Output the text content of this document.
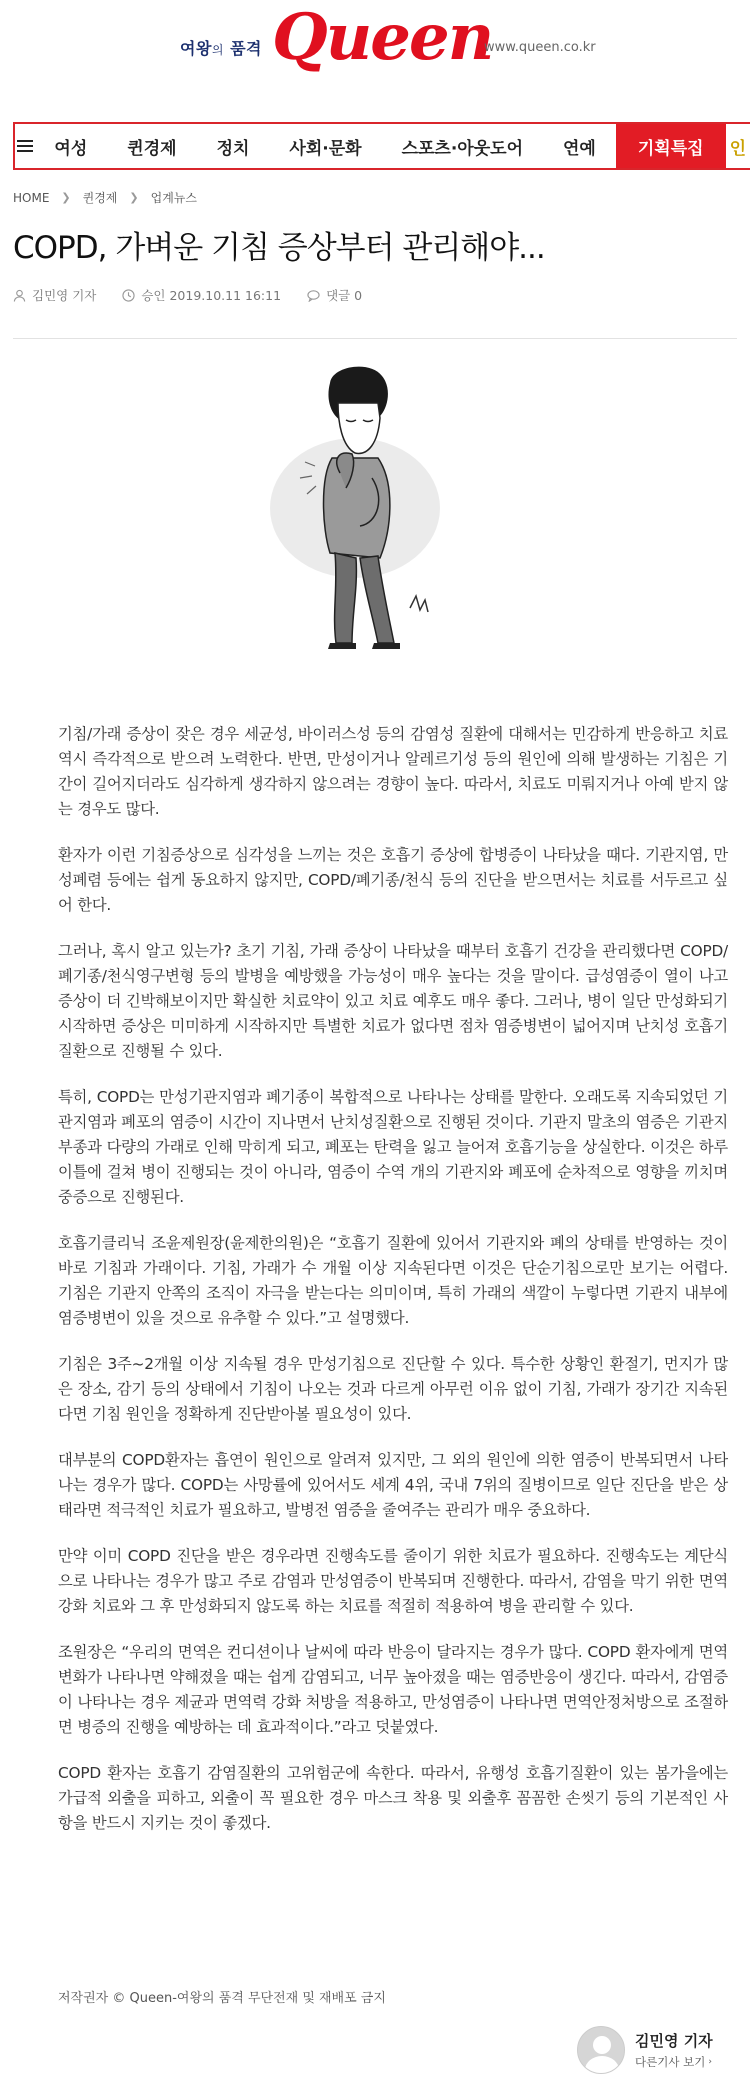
여왕의 품격 Queen
www.queen.co.kr
여성	퀸경제	정치	사회·문화	스포츠·아웃도어	연예	기획특집	인
HOME ❯ 퀸경제 ❯ 업계뉴스
COPD, 가벼운 기침 증상부터 관리해야...
김민영 기자	승인 2019.10.11 16:11	댓글 0

기침/가래 증상이 잦은 경우 세균성, 바이러스성 등의 감염성 질환에 대해서는 민감하게 반응하고 치료 역시 즉각적으로 받으려 노력한다. 반면, 만성이거나 알레르기성 등의 원인에 의해 발생하는 기침은 기간이 길어지더라도 심각하게 생각하지 않으려는 경향이 높다. 따라서, 치료도 미뤄지거나 아예 받지 않는 경우도 많다.

환자가 이런 기침증상으로 심각성을 느끼는 것은 호흡기 증상에 합병증이 나타났을 때다. 기관지염, 만성폐렴 등에는 쉽게 동요하지 않지만, COPD/폐기종/천식 등의 진단을 받으면서는 치료를 서두르고 싶어 한다.

그러나, 혹시 알고 있는가? 초기 기침, 가래 증상이 나타났을 때부터 호흡기 건강을 관리했다면 COPD/폐기종/천식영구변형 등의 발병을 예방했을 가능성이 매우 높다는 것을 말이다. 급성염증이 열이 나고 증상이 더 긴박해보이지만 확실한 치료약이 있고 치료 예후도 매우 좋다. 그러나, 병이 일단 만성화되기 시작하면 증상은 미미하게 시작하지만 특별한 치료가 없다면 점차 염증병변이 넓어지며 난치성 호흡기질환으로 진행될 수 있다.

특히, COPD는 만성기관지염과 폐기종이 복합적으로 나타나는 상태를 말한다. 오래도록 지속되었던 기관지염과 폐포의 염증이 시간이 지나면서 난치성질환으로 진행된 것이다. 기관지 말초의 염증은 기관지부종과 다량의 가래로 인해 막히게 되고, 폐포는 탄력을 잃고 늘어져 호흡기능을 상실한다. 이것은 하루 이틀에 걸쳐 병이 진행되는 것이 아니라, 염증이 수역 개의 기관지와 폐포에 순차적으로 영향을 끼치며 중증으로 진행된다.

호흡기클리닉 조윤제원장(윤제한의원)은 “호흡기 질환에 있어서 기관지와 폐의 상태를 반영하는 것이 바로 기침과 가래이다. 기침, 가래가 수 개월 이상 지속된다면 이것은 단순기침으로만 보기는 어렵다. 기침은 기관지 안쪽의 조직이 자극을 받는다는 의미이며, 특히 가래의 색깔이 누렇다면 기관지 내부에 염증병변이 있을 것으로 유추할 수 있다.”고 설명했다.

기침은 3주~2개월 이상 지속될 경우 만성기침으로 진단할 수 있다. 특수한 상황인 환절기, 먼지가 많은 장소, 감기 등의 상태에서 기침이 나오는 것과 다르게 아무런 이유 없이 기침, 가래가 장기간 지속된다면 기침 원인을 정확하게 진단받아볼 필요성이 있다.

대부분의 COPD환자는 흡연이 원인으로 알려져 있지만, 그 외의 원인에 의한 염증이 반복되면서 나타나는 경우가 많다. COPD는 사망률에 있어서도 세계 4위, 국내 7위의 질병이므로 일단 진단을 받은 상태라면 적극적인 치료가 필요하고, 발병전 염증을 줄여주는 관리가 매우 중요하다.

만약 이미 COPD 진단을 받은 경우라면 진행속도를 줄이기 위한 치료가 필요하다. 진행속도는 계단식으로 나타나는 경우가 많고 주로 감염과 만성염증이 반복되며 진행한다. 따라서, 감염을 막기 위한 면역강화 치료와 그 후 만성화되지 않도록 하는 치료를 적절히 적용하여 병을 관리할 수 있다.

조원장은 “우리의 면역은 컨디션이나 날씨에 따라 반응이 달라지는 경우가 많다. COPD 환자에게 면역변화가 나타나면 약해졌을 때는 쉽게 감염되고, 너무 높아졌을 때는 염증반응이 생긴다. 따라서, 감염증이 나타나는 경우 제균과 면역력 강화 처방을 적용하고, 만성염증이 나타나면 면역안정처방으로 조절하면 병증의 진행을 예방하는 데 효과적이다.”라고 덧붙였다.

COPD 환자는 호흡기 감염질환의 고위험군에 속한다. 따라서, 유행성 호흡기질환이 있는 봄가을에는 가급적 외출을 피하고, 외출이 꼭 필요한 경우 마스크 착용 및 외출후 꼼꼼한 손씻기 등의 기본적인 사항을 반드시 지키는 것이 좋겠다.

저작권자 © Queen-여왕의 품격 무단전재 및 재배포 금지
김민영 기자
다른기사 보기 ›
